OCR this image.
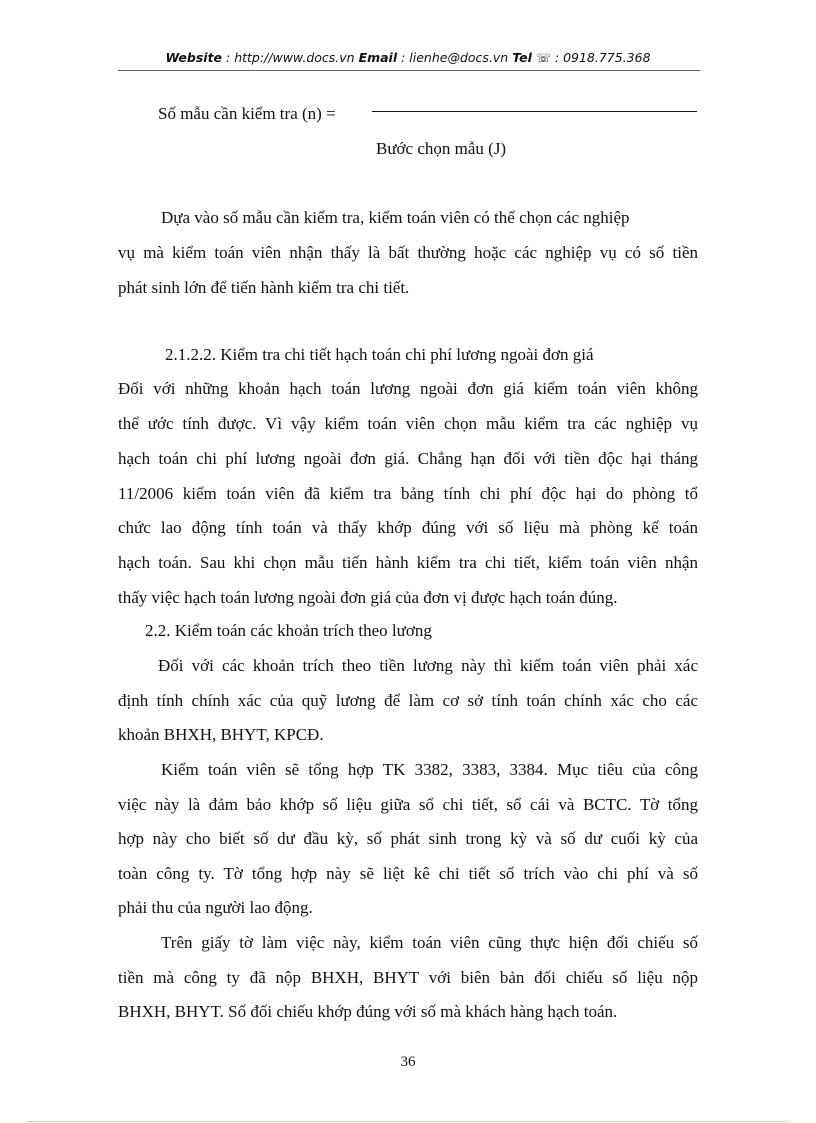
Website : http://www.docs.vn Email : lienhe@docs.vn Tel ☏ : 0918.775.368
Số mẫu cần kiểm tra (n) =
Bước chọn mẫu (J)
Dựa vào số mẫu cần kiểm tra, kiểm toán viên có thể chọn các nghiệp
vụ mà kiểm toán viên nhận thấy là bất thường hoặc các nghiệp vụ có số tiền
phát sinh lớn để tiến hành kiểm tra chi tiết.
2.1.2.2. Kiểm tra chi tiết hạch toán chi phí lương ngoài đơn giá
Đối với những khoản hạch toán lương ngoài đơn giá kiểm toán viên không
thể ước tính được. Vì vậy kiểm toán viên chọn mẫu kiểm tra các nghiệp vụ
hạch toán chi phí lương ngoài đơn giá. Chẳng hạn đối với tiền độc hại tháng
11/2006 kiểm toán viên đã kiểm tra bảng tính chi phí độc hại do phòng tổ
chức lao động tính toán và thấy khớp đúng với số liệu mà phòng kế toán
hạch toán. Sau khi chọn mẫu tiến hành kiểm tra chi tiết, kiểm toán viên nhận
thấy việc hạch toán lương ngoài đơn giá của đơn vị được hạch toán đúng.
2.2. Kiểm toán các khoản trích theo lương
Đối với các khoản trích theo tiền lương này thì kiểm toán viên phải xác
định tính chính xác của quỹ lương để làm cơ sở tính toán chính xác cho các
khoản BHXH, BHYT, KPCĐ.
Kiểm toán viên sẽ tổng hợp TK 3382, 3383, 3384. Mục tiêu của công
việc này là đảm bảo khớp số liệu giữa sổ chi tiết, sổ cái và BCTC. Tờ tổng
hợp này cho biết số dư đầu kỳ, số phát sinh trong kỳ và số dư cuối kỳ của
toàn công ty. Tờ tổng hợp này sẽ liệt kê chi tiết số trích vào chi phí và số
phải thu của người lao động.
Trên giấy tờ làm việc này, kiểm toán viên cũng thực hiện đối chiếu số
tiền mà công ty đã nộp BHXH, BHYT với biên bản đối chiếu số liệu nộp
BHXH, BHYT. Số đối chiếu khớp đúng với số mà khách hàng hạch toán.
36
